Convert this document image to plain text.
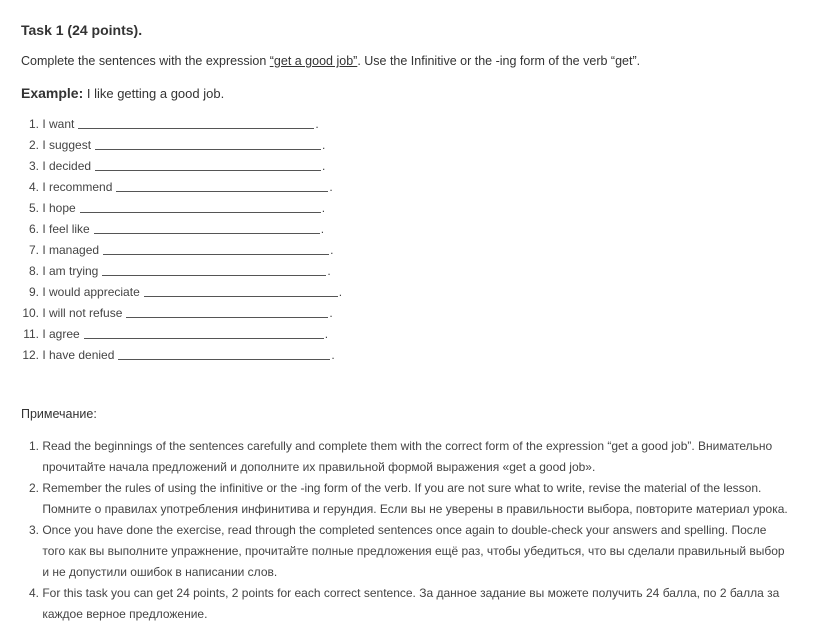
Task 1 (24 points).
Complete the sentences with the expression “get a good job”. Use the Infinitive or the -ing form of the verb “get”.
Example: I like getting a good job.
1.
I want	.
2.
I suggest	.
3.
I decided	.
4.
I recommend	.
5.
I hope	.
6.
I feel like	.
7.
I managed	.
8.
I am trying	.
9.
I would appreciate	.
10.
I will not refuse	.
11.
I agree	.
12.
I have denied	.
Примечание:
1.
Read the beginnings of the sentences carefully and complete them with the correct form of the expression “get a good job”. Внимательно прочитайте начала предложений и дополните их правильной формой выражения «get a good job».
2.
Remember the rules of using the infinitive or the -ing form of the verb. If you are not sure what to write, revise the material of the lesson. Помните о правилах употребления инфинитива и герундия. Если вы не уверены в правильности выбора, повторите материал урока.
3.
Once you have done the exercise, read through the completed sentences once again to double-check your answers and spelling. После того как вы выполните упражнение, прочитайте полные предложения ещё раз, чтобы убедиться, что вы сделали правильный выбор и не допустили ошибок в написании слов.
4.
For this task you can get 24 points, 2 points for each correct sentence. За данное задание вы можете получить 24 балла, по 2 балла за каждое верное предложение.
